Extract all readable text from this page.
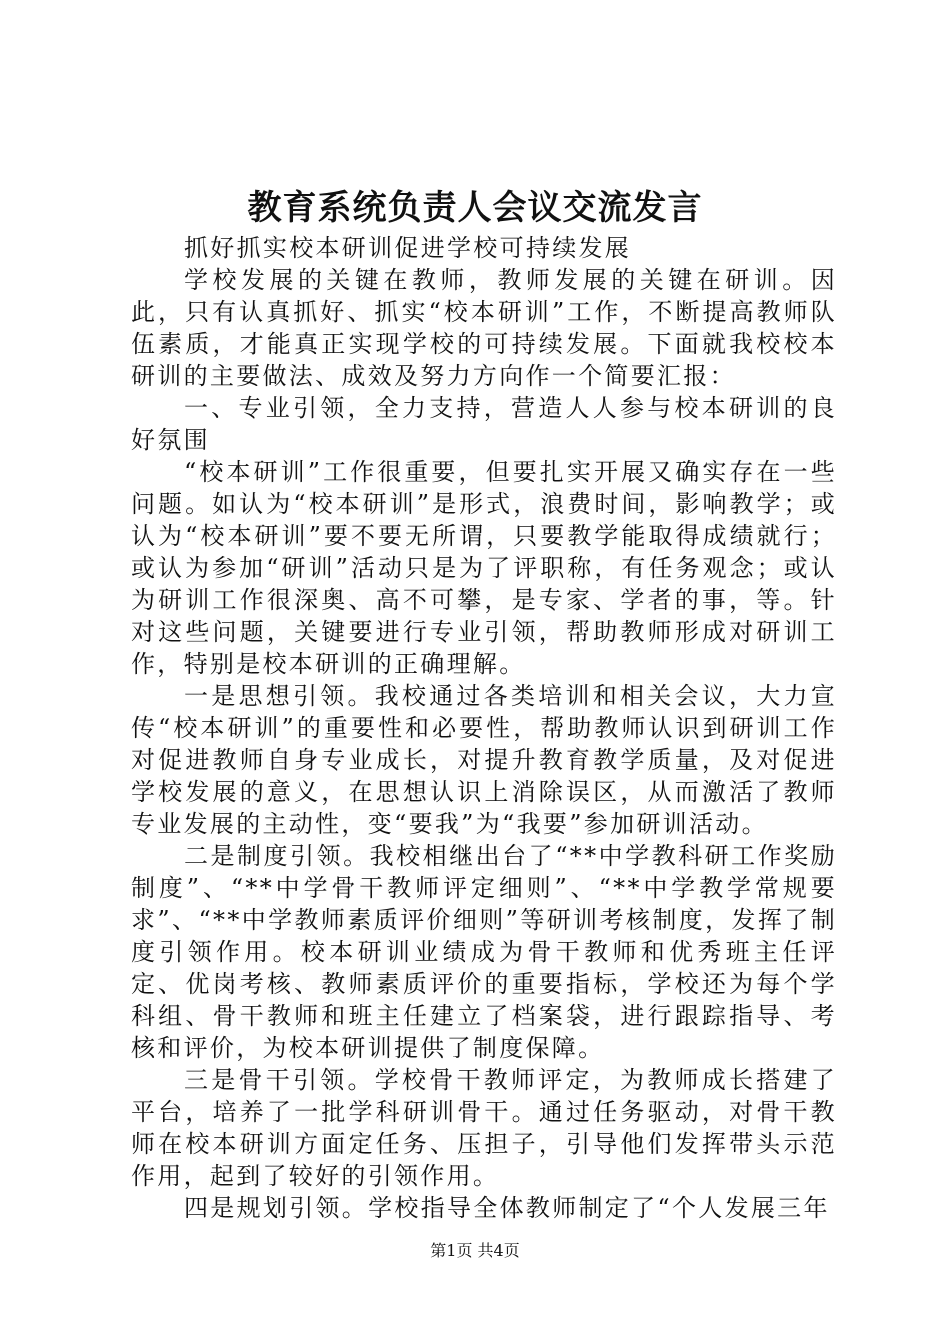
教育系统负责人会议交流发言

抓好抓实校本研训促进学校可持续发展

学校发展的关键在教师，教师发展的关键在研训。因此，只有认真抓好、抓实“校本研训”工作，不断提高教师队伍素质，才能真正实现学校的可持续发展。下面就我校校本研训的主要做法、成效及努力方向作一个简要汇报：

一、专业引领，全力支持，营造人人参与校本研训的良好氛围

“校本研训”工作很重要，但要扎实开展又确实存在一些问题。如认为“校本研训”是形式，浪费时间，影响教学；或认为“校本研训”要不要无所谓，只要教学能取得成绩就行；或认为参加“研训”活动只是为了评职称，有任务观念；或认为研训工作很深奥、高不可攀，是专家、学者的事，等。针对这些问题，关键要进行专业引领，帮助教师形成对研训工作，特别是校本研训的正确理解。

一是思想引领。我校通过各类培训和相关会议，大力宣传“校本研训”的重要性和必要性，帮助教师认识到研训工作对促进教师自身专业成长，对提升教育教学质量，及对促进学校发展的意义，在思想认识上消除误区，从而激活了教师专业发展的主动性，变“要我”为“我要”参加研训活动。

二是制度引领。我校相继出台了“**中学教科研工作奖励制度”、“**中学骨干教师评定细则”、“**中学教学常规要求”、“**中学教师素质评价细则”等研训考核制度，发挥了制度引领作用。校本研训业绩成为骨干教师和优秀班主任评定、优岗考核、教师素质评价的重要指标，学校还为每个学科组、骨干教师和班主任建立了档案袋，进行跟踪指导、考核和评价，为校本研训提供了制度保障。

三是骨干引领。学校骨干教师评定，为教师成长搭建了平台，培养了一批学科研训骨干。通过任务驱动，对骨干教师在校本研训方面定任务、压担子，引导他们发挥带头示范作用，起到了较好的引领作用。

四是规划引领。学校指导全体教师制定了“个人发展三年

第1页 共4页
